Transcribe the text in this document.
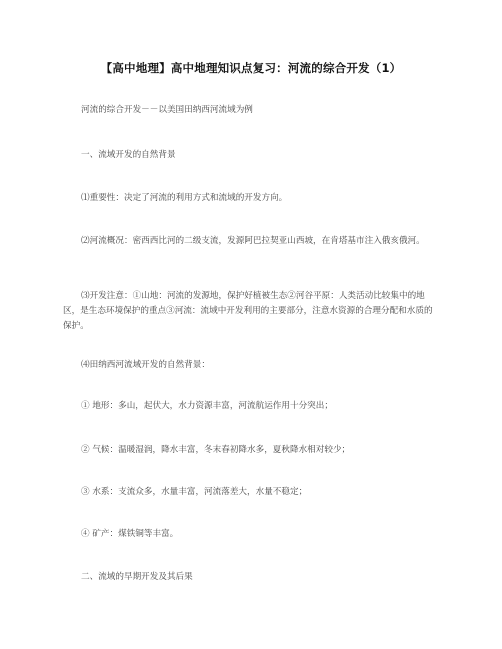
【高中地理】高中地理知识点复习：河流的综合开发（1）
河流的综合开发－－以美国田纳西河流域为例
一、流域开发的自然背景
⑴重要性：决定了河流的利用方式和流域的开发方向。
⑵河流概况：密西西比河的二级支流，发源阿巴拉契亚山西坡，在肯塔基市注入俄亥俄河。
⑶开发注意：①山地：河流的发源地，保护好植被生态②河谷平原：人类活动比较集中的地区，是生态环境保护的重点③河流：流域中开发利用的主要部分，注意水资源的合理分配和水质的保护。
⑷田纳西河流域开发的自然背景：
① 地形：多山，起伏大，水力资源丰富，河流航运作用十分突出；
② 气候：温暖湿润，降水丰富，冬末春初降水多，夏秋降水相对较少；
③ 水系：支流众多，水量丰富，河流落差大，水量不稳定；
④ 矿产：煤铁铜等丰富。
二、流域的早期开发及其后果
